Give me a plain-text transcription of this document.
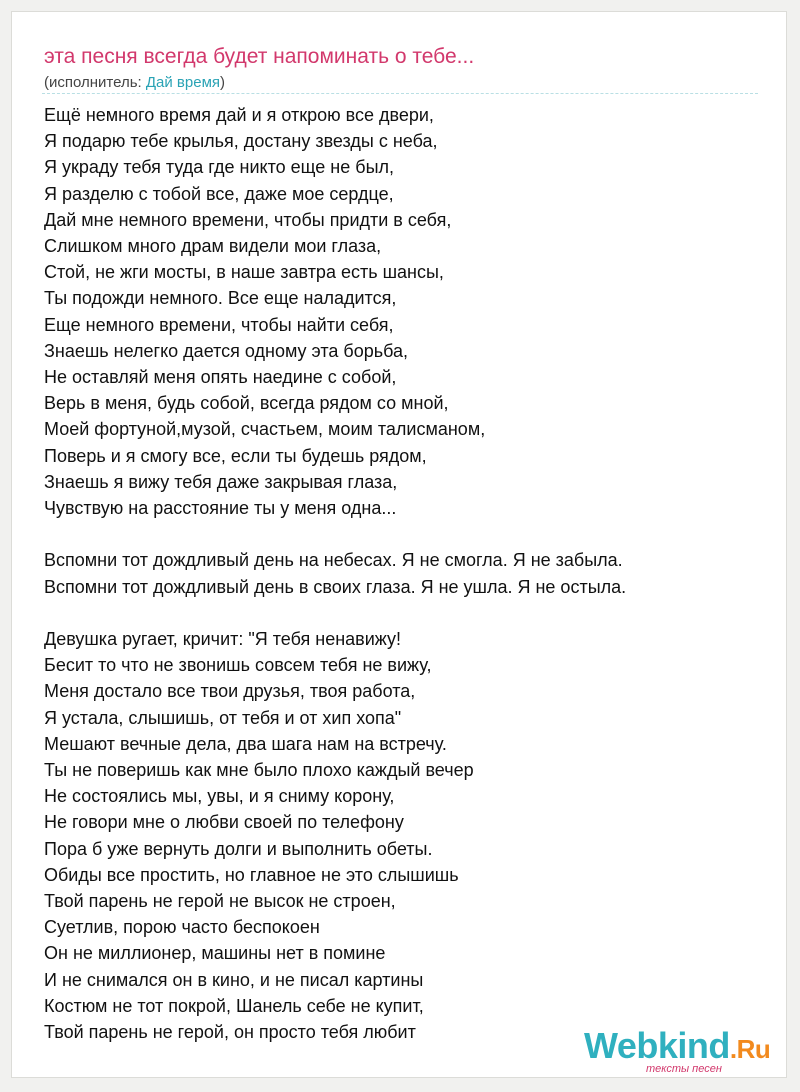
эта песня всегда будет напоминать о тебе...
(исполнитель: Дай время)
Ещё немного время дай и я открою все двери,
Я подарю тебе крылья, достану звезды с неба,
Я украду тебя туда где никто еще не был,
Я разделю с тобой все, даже мое сердце,
Дай мне немного времени, чтобы придти в себя,
Слишком много драм видели мои глаза,
Стой, не жги мосты, в наше завтра есть шансы,
Ты подожди немного. Все еще наладится,
Еще немного времени, чтобы найти себя,
Знаешь нелегко дается одному эта борьба,
Не оставляй меня опять наедине с собой,
Верь в меня, будь собой, всегда рядом со мной,
Моей фортуной,музой, счастьем, моим талисманом,
Поверь и я смогу все, если ты будешь рядом,
Знаешь я вижу тебя даже закрывая глаза,
Чувствую на расстояние ты у меня одна...
Вспомни тот дождливый день на небесах. Я не смогла. Я не забыла.
Вспомни тот дождливый день в своих глаза. Я не ушла. Я не остыла.
Девушка ругает, кричит: "Я тебя ненавижу!
Бесит то что не звонишь совсем тебя не вижу,
Меня достало все твои друзья, твоя работа,
Я устала, слышишь, от тебя и от хип хопа"
Мешают вечные дела, два шага нам на встречу.
Ты не поверишь как мне было плохо каждый вечер
Не состоялись мы, увы, и я сниму корону,
Не говори мне о любви своей по телефону
Пора б уже вернуть долги и выполнить обеты.
Обиды все простить, но главное не это слышишь
Твой парень не герой не высок не строен,
Суетлив, порою часто беспокоен
Он не миллионер, машины нет в помине
И не снимался он в кино, и не писал картины
Костюм не тот покрой, Шанель себе не купит,
Твой парень не герой, он просто тебя любит	Webkind.Ru
тексты песен
